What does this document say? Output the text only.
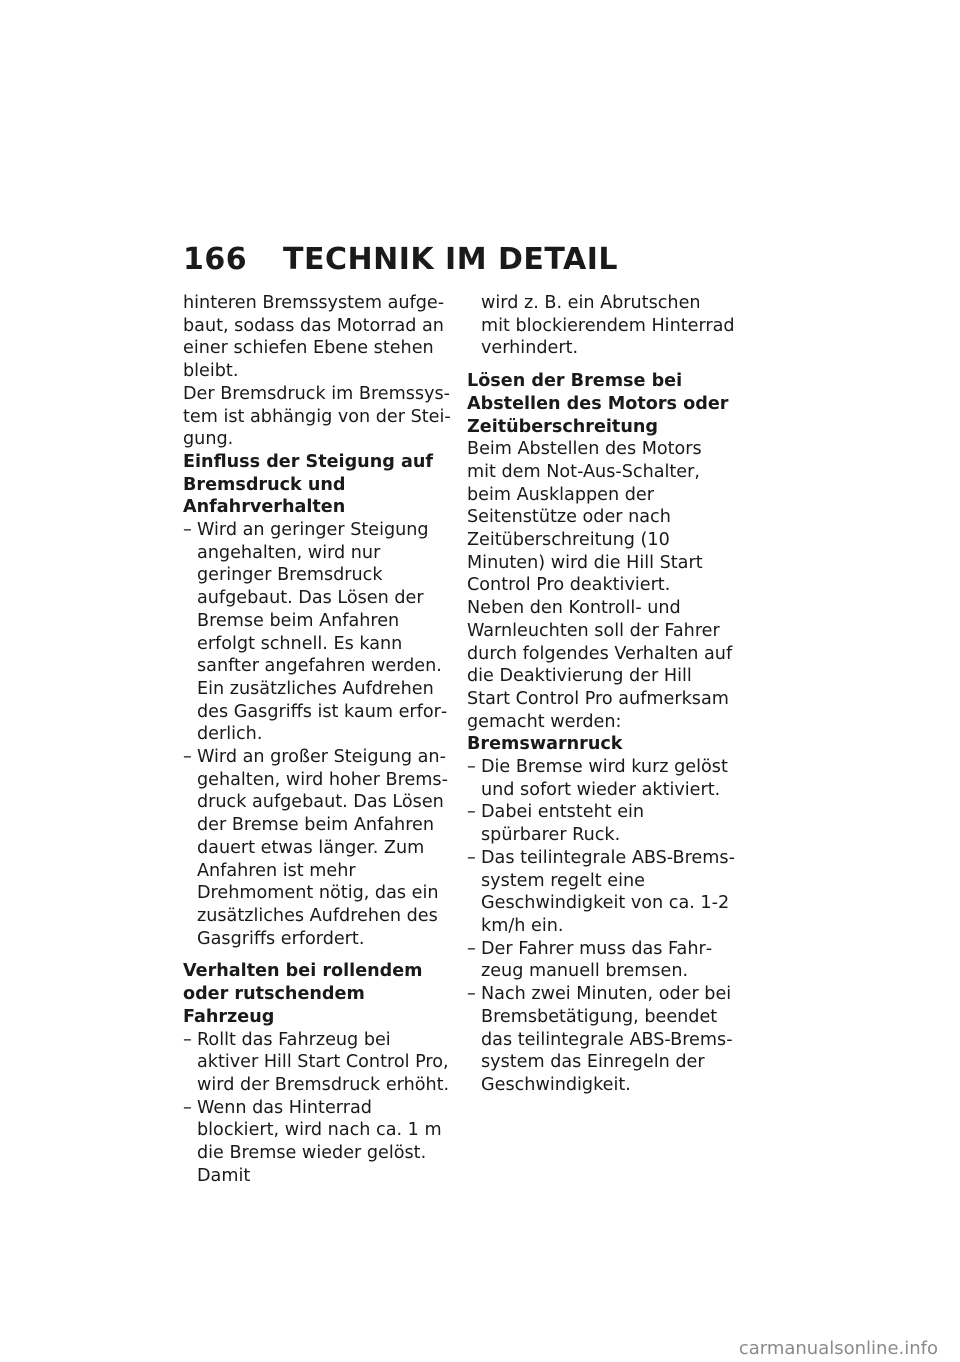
166 TECHNIK IM DETAIL

hinteren Bremssystem aufgebaut, sodass das Motorrad an einer schiefen Ebene stehen bleibt.

Der Bremsdruck im Bremssystem ist abhängig von der Steigung.

Einfluss der Steigung auf Bremsdruck und Anfahrverhalten
– Wird an geringer Steigung angehalten, wird nur geringer Bremsdruck aufgebaut. Das Lösen der Bremse beim Anfahren erfolgt schnell. Es kann sanfter angefahren werden. Ein zusätzliches Aufdrehen des Gasgriffs ist kaum erforderlich.
– Wird an großer Steigung angehalten, wird hoher Bremsdruck aufgebaut. Das Lösen der Bremse beim Anfahren dauert etwas länger. Zum Anfahren ist mehr Drehmoment nötig, das ein zusätzliches Aufdrehen des Gasgriffs erfordert.
Verhalten bei rollendem oder rutschendem Fahrzeug
– Rollt das Fahrzeug bei aktiver Hill Start Control Pro, wird der Bremsdruck erhöht.
– Wenn das Hinterrad blockiert, wird nach ca. 1 m die Bremse wieder gelöst. Damit

wird z. B. ein Abrutschen mit blockierendem Hinterrad verhindert.

Lösen der Bremse bei Abstellen des Motors oder Zeitüberschreitung

Beim Abstellen des Motors mit dem Not-Aus-Schalter, beim Ausklappen der Seitenstütze oder nach Zeitüberschreitung (10 Minuten) wird die Hill Start Control Pro deaktiviert.

Neben den Kontroll- und Warnleuchten soll der Fahrer durch folgendes Verhalten auf die Deaktivierung der Hill Start Control Pro aufmerksam gemacht werden:

Bremswarnruck
– Die Bremse wird kurz gelöst und sofort wieder aktiviert.
– Dabei entsteht ein spürbarer Ruck.
– Das teilintegrale ABS-Bremssystem regelt eine Geschwindigkeit von ca. 1-2 km/h ein.
– Der Fahrer muss das Fahrzeug manuell bremsen.
– Nach zwei Minuten, oder bei Bremsbetätigung, beendet das teilintegrale ABS-Bremssystem das Einregeln der Geschwindigkeit.
carmanualsonline.info
